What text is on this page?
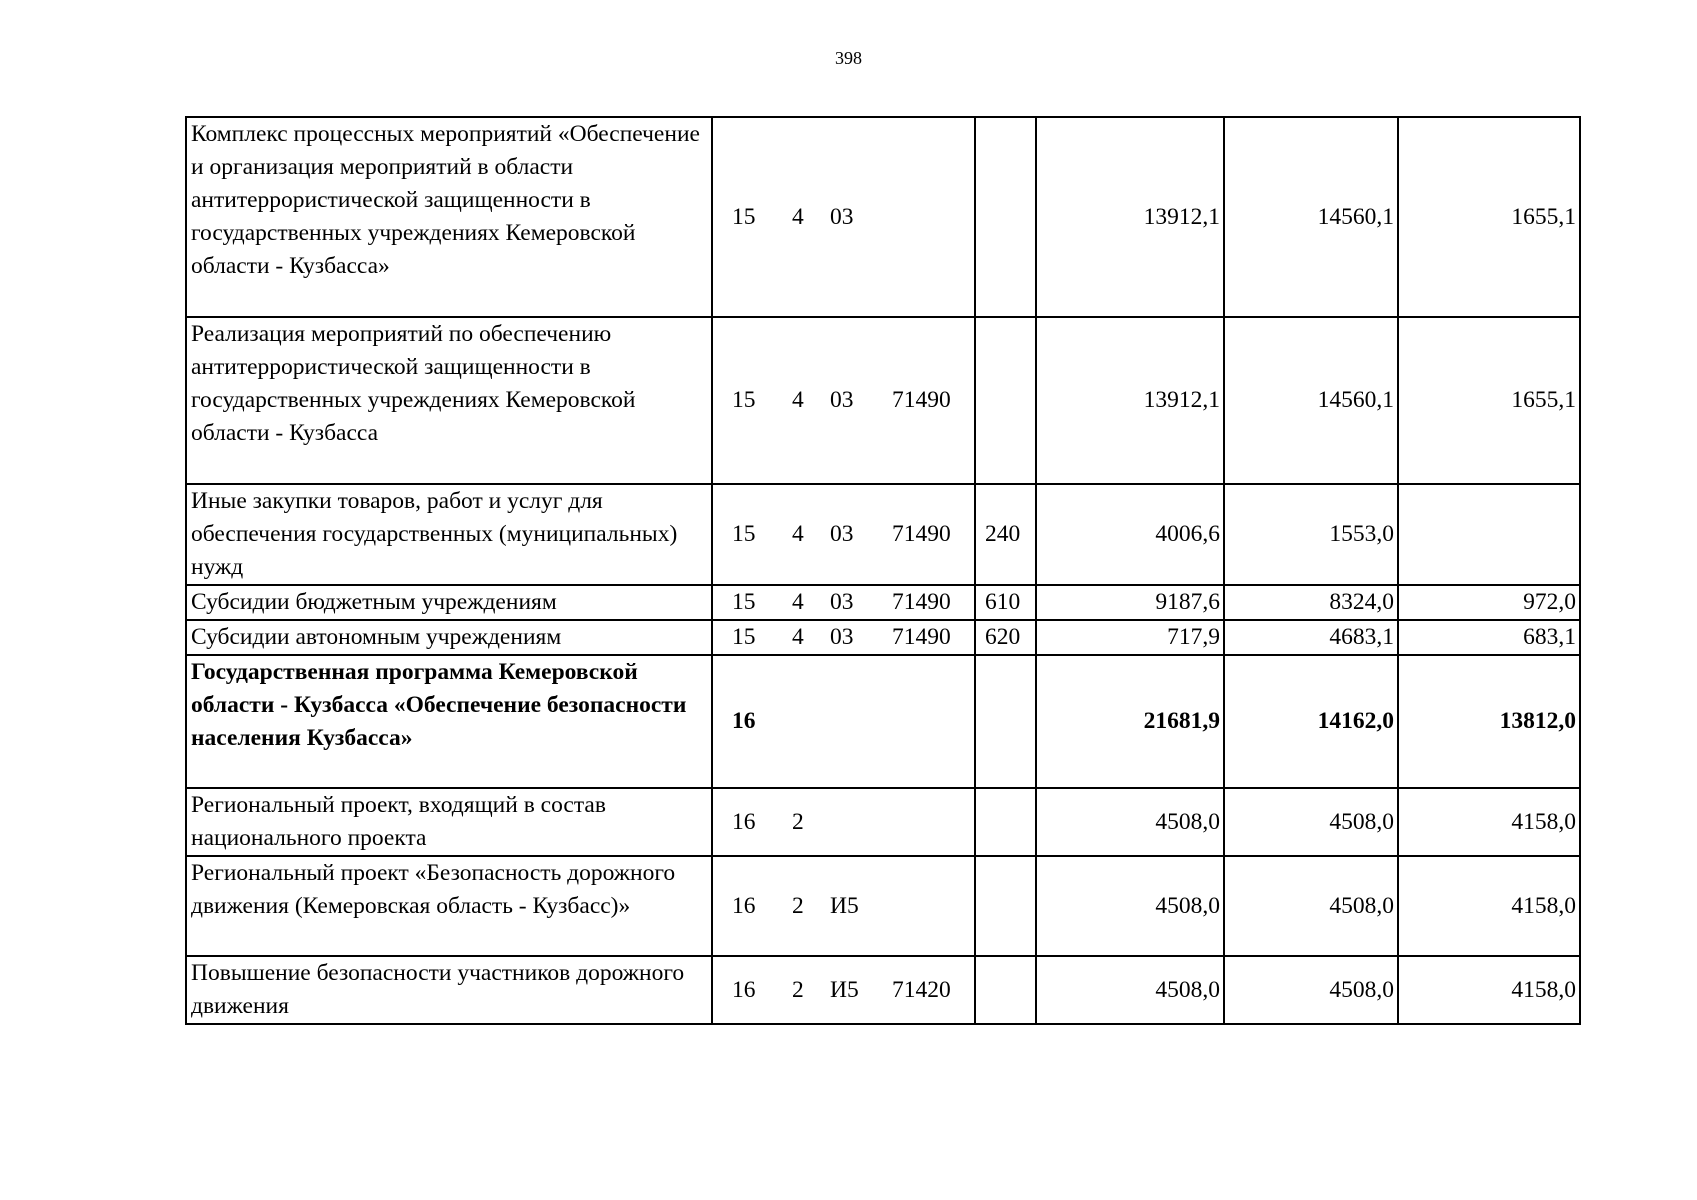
398
Комплекс процессных мероприятий «Обеспечение и организация мероприятий в области антитеррористической защищенности в государственных учреждениях Кемеровской области - Кузбасса»	15 4 03		13912,1	14560,1	1655,1
Реализация мероприятий по обеспечению антитеррористической защищенности в государственных учреждениях Кемеровской области - Кузбасса	15 4 03 71490		13912,1	14560,1	1655,1
Иные закупки товаров, работ и услуг для обеспечения государственных (муниципальных) нужд	15 4 03 71490	240	4006,6	1553,0	
Субсидии бюджетным учреждениям	15 4 03 71490	610	9187,6	8324,0	972,0
Субсидии автономным учреждениям	15 4 03 71490	620	717,9	4683,1	683,1
Государственная программа Кемеровской области - Кузбасса «Обеспечение безопасности населения Кузбасса»	16		21681,9	14162,0	13812,0
Региональный проект, входящий в состав национального проекта	16 2		4508,0	4508,0	4158,0
Региональный проект «Безопасность дорожного движения (Кемеровская область - Кузбасс)»	16 2 И5		4508,0	4508,0	4158,0
Повышение безопасности участников дорожного движения	16 2 И5 71420		4508,0	4508,0	4158,0
